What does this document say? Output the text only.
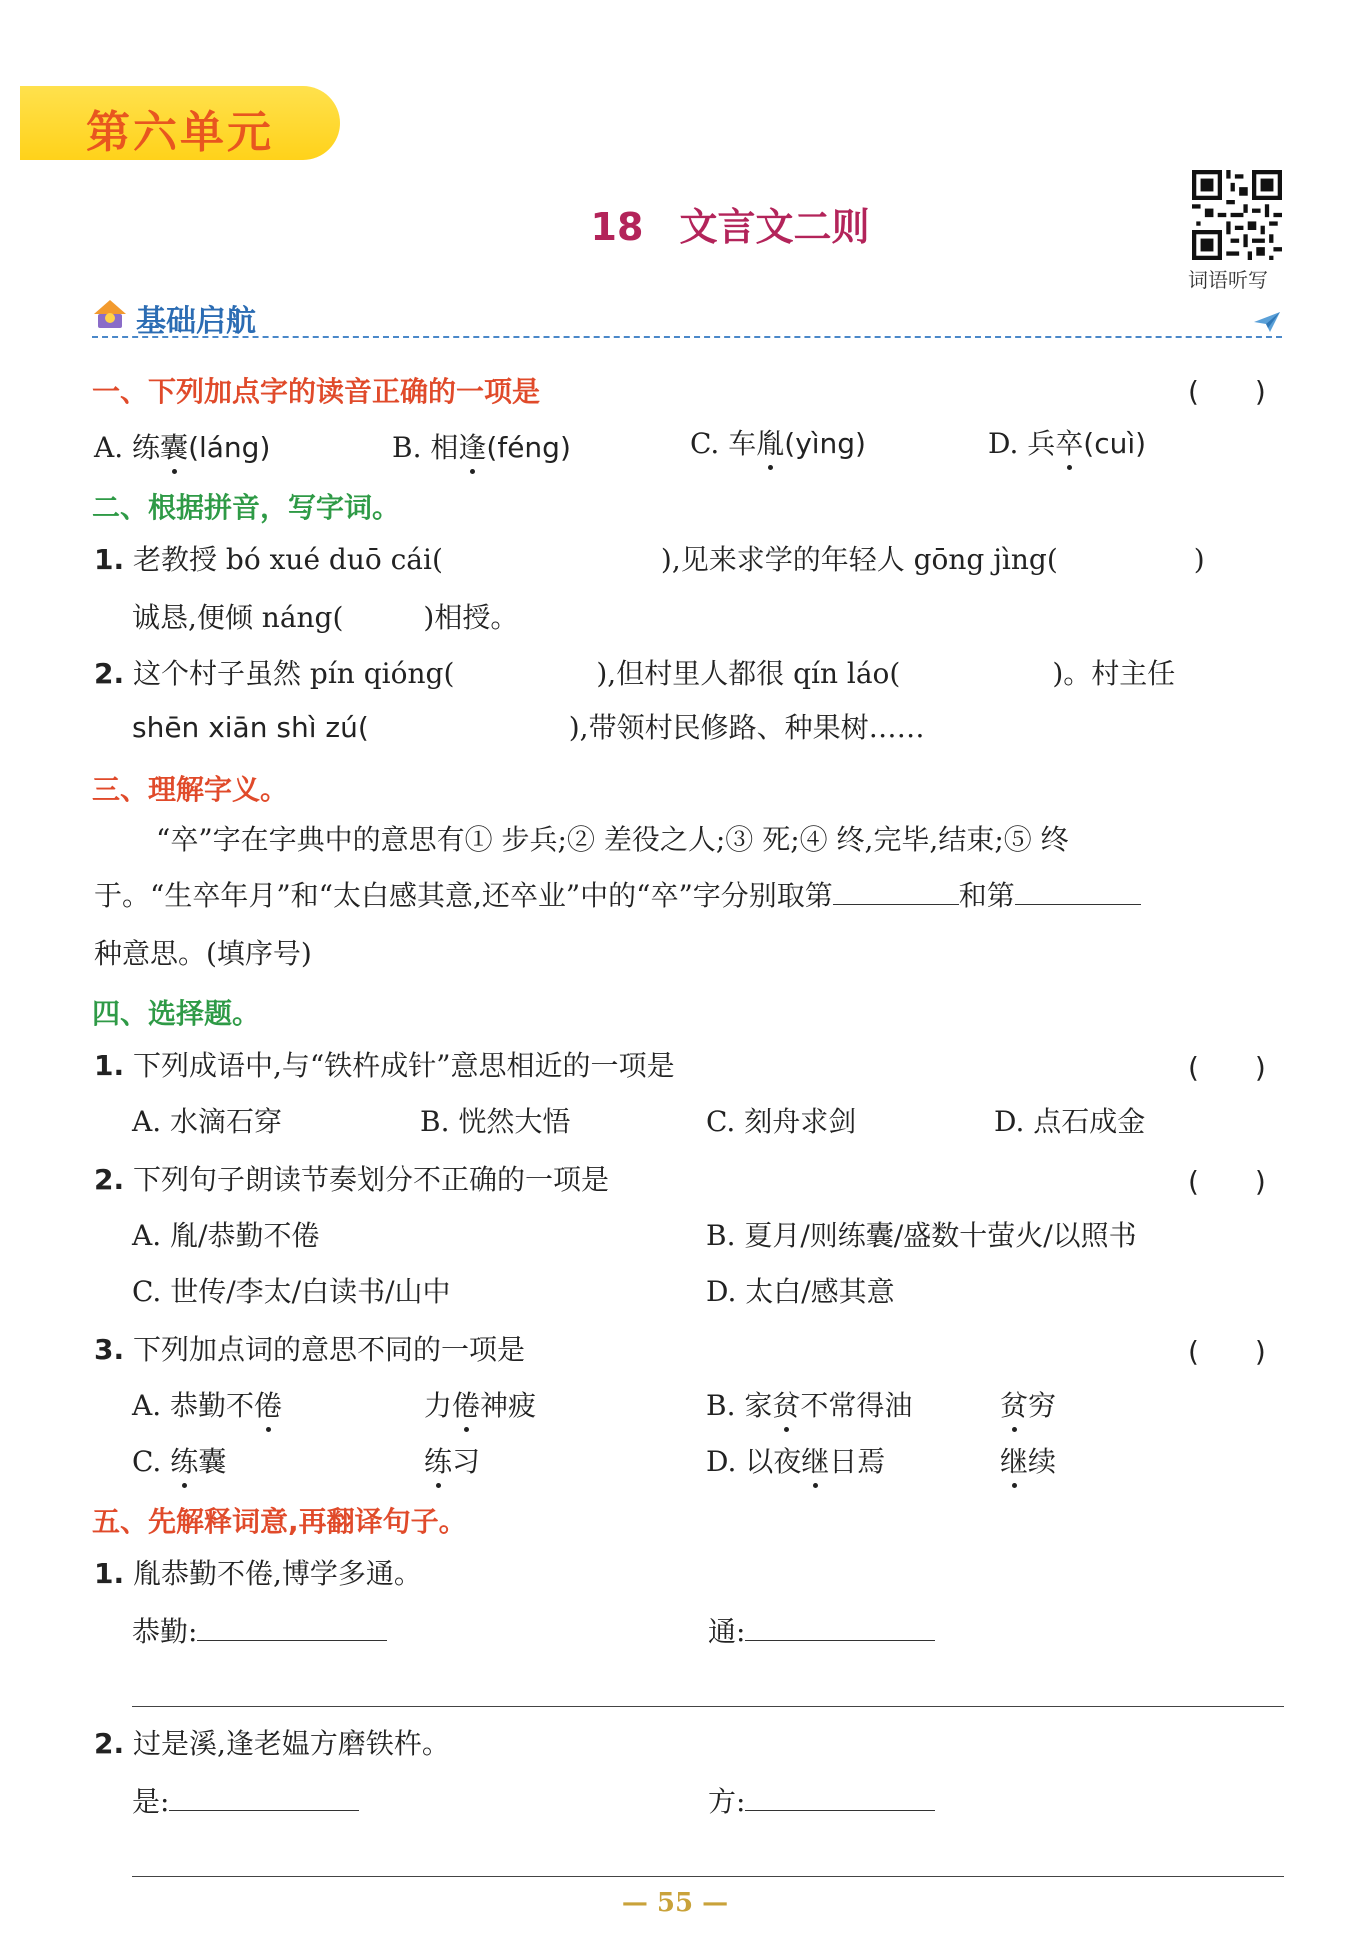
第六单元
18 文言文二则
词语听写
基础启航
一、下列加点字的读音正确的一项是	(　　)
A. 练囊(láng)	B. 相逢(féng)	C. 车胤(yìng)	D. 兵卒(cuì)
二、根据拼音，写字词。
1. 老教授 bó xué duō cái(	),见来求学的年轻人 gōng jìng(	)
诚恳,便倾 náng(	)相授。
2. 这个村子虽然 pín qióng(	),但村里人都很 qín láo(	)。村主任
shēn xiān shì zú(	),带领村民修路、种果树……
三、理解字义。
“卒”字在字典中的意思有① 步兵;② 差役之人;③ 死;④ 终,完毕,结束;⑤ 终
于。“生卒年月”和“太白感其意,还卒业”中的“卒”字分别取第	和第
种意思。(填序号)
四、选择题。
1. 下列成语中,与“铁杵成针”意思相近的一项是	(　　)
A. 水滴石穿	B. 恍然大悟	C. 刻舟求剑	D. 点石成金
2. 下列句子朗读节奏划分不正确的一项是	(　　)
A. 胤/恭勤不倦	B. 夏月/则练囊/盛数十萤火/以照书
C. 世传/李太/白读书/山中	D. 太白/感其意
3. 下列加点词的意思不同的一项是	(　　)
A. 恭勤不倦	力倦神疲	B. 家贫不常得油	贫穷
C. 练囊	练习	D. 以夜继日焉	继续
五、先解释词意,再翻译句子。
1. 胤恭勤不倦,博学多通。
恭勤:	通:
2. 过是溪,逢老媪方磨铁杵。
是:	方:
— 55 —
